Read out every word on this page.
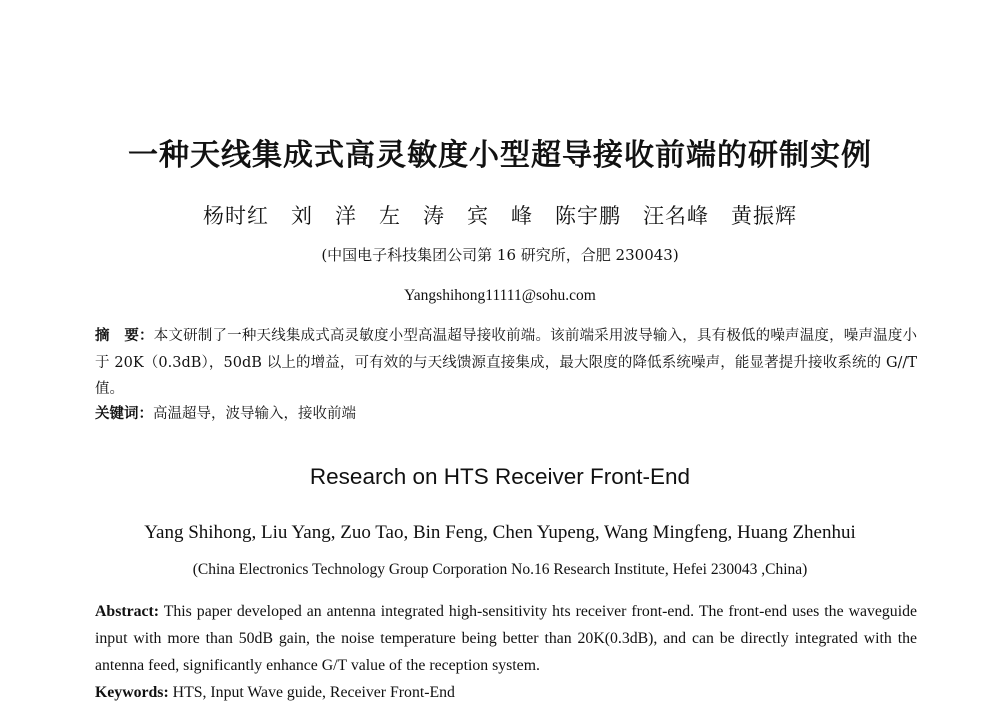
一种天线集成式高灵敏度小型超导接收前端的研制实例
杨时红　刘　洋　左　涛　宾　峰　陈宇鹏　汪名峰　黄振辉
(中国电子科技集团公司第 16 研究所，合肥 230043)
Yangshihong11111@sohu.com
摘　要：本文研制了一种天线集成式高灵敏度小型高温超导接收前端。该前端采用波导输入，具有极低的噪声温度，噪声温度小于 20K（0.3dB），50dB 以上的增益，可有效的与天线馈源直接集成，最大限度的降低系统噪声，能显著提升接收系统的 G//T 值。
关键词：高温超导，波导输入，接收前端
Research on HTS Receiver Front-End
Yang Shihong, Liu Yang, Zuo Tao, Bin Feng, Chen Yupeng, Wang Mingfeng, Huang Zhenhui
(China Electronics Technology Group Corporation No.16 Research Institute, Hefei 230043 ,China)
Abstract: This paper developed an antenna integrated high-sensitivity hts receiver front-end. The front-end uses the waveguide input with more than 50dB gain, the noise temperature being better than 20K(0.3dB), and can be directly integrated with the antenna feed, significantly enhance G/T value of the reception system.
Keywords: HTS, Input Wave guide, Receiver Front-End
